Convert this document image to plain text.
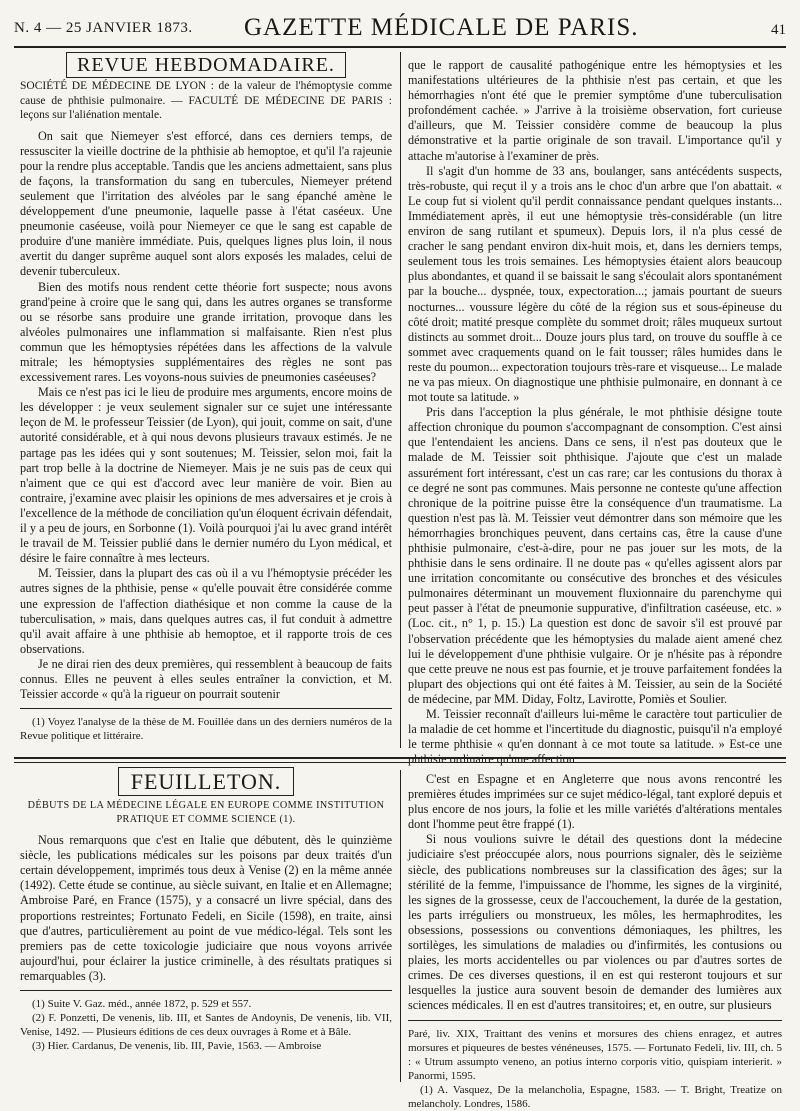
N. 4 — 25 JANVIER 1873. GAZETTE MÉDICALE DE PARIS.	41
REVUE HEBDOMADAIRE.
SOCIÉTÉ DE MÉDECINE DE LYON : de la valeur de l'hémoptysie comme cause de phthisie pulmonaire. — FACULTÉ DE MÉDECINE DE PARIS : leçons sur l'aliénation mentale.

On sait que Niemeyer s'est efforcé, dans ces derniers temps, de ressusciter la vieille doctrine de la phthisie ab hemoptoe, et qu'il l'a rajeunie pour la rendre plus acceptable. Tandis que les anciens admettaient, sans plus de façons, la transformation du sang en tubercules, Niemeyer prétend seulement que l'irritation des alvéoles par le sang épanché amène le développement d'une pneumonie, laquelle passe à l'état caséeux. Une pneumonie caséeuse, voilà pour Niemeyer ce que le sang est capable de produire d'une manière immédiate. Puis, quelques lignes plus loin, il nous avertit du danger suprême auquel sont alors exposés les malades, celui de devenir tuberculeux.

Bien des motifs nous rendent cette théorie fort suspecte; nous avons grand'peine à croire que le sang qui, dans les autres organes se transforme ou se résorbe sans produire une grande irritation, provoque dans les alvéoles pulmonaires une inflammation si malfaisante. Rien n'est plus commun que les hémoptysies répétées dans les affections de la valvule mitrale; les hémoptysies supplémentaires des règles ne sont pas excessivement rares. Les voyons-nous suivies de pneumonies caséeuses?

Mais ce n'est pas ici le lieu de produire mes arguments, encore moins de les développer : je veux seulement signaler sur ce sujet une intéressante leçon de M. le professeur Teissier (de Lyon), qui jouit, comme on sait, d'une autorité considérable, et à qui nous devons plusieurs travaux estimés. Je ne partage pas les idées qui y sont soutenues; M. Teissier, selon moi, fait la part trop belle à la doctrine de Niemeyer. Mais je ne suis pas de ceux qui n'aiment que ce qui est d'accord avec leur manière de voir. Bien au contraire, j'examine avec plaisir les opinions de mes adversaires et je crois à l'excellence de la méthode de conciliation qu'un éloquent écrivain défendait, il y a peu de jours, en Sorbonne (1). Voilà pourquoi j'ai lu avec grand intérêt le travail de M. Teissier publié dans le dernier numéro du Lyon médical, et désire le faire connaître à mes lecteurs.

M. Teissier, dans la plupart des cas où il a vu l'hémoptysie précéder les autres signes de la phthisie, pense « qu'elle pouvait être considérée comme une expression de l'affection diathésique et non comme la cause de la tuberculisation, » mais, dans quelques autres cas, il fut conduit à admettre qu'il avait affaire à une phthisie ab hemoptoe, et il rapporte trois de ces observations.

Je ne dirai rien des deux premières, qui ressemblent à beaucoup de faits connus. Elles ne peuvent à elles seules entraîner la conviction, et M. Teissier accorde « qu'à la rigueur on pourrait soutenir

(1) Voyez l'analyse de la thèse de M. Fouillée dans un des derniers numéros de la Revue politique et littéraire.

que le rapport de causalité pathogénique entre les hémoptysies et les manifestations ultérieures de la phthisie n'est pas certain, et que les hémorrhagies n'ont été que le premier symptôme d'une tuberculisation profondément cachée. » J'arrive à la troisième observation, fort curieuse d'ailleurs, que M. Teissier considère comme de beaucoup la plus démonstrative et la partie originale de son travail. L'importance qu'il y attache m'autorise à l'examiner de près.

Il s'agit d'un homme de 33 ans, boulanger, sans antécédents suspects, très-robuste, qui reçut il y a trois ans le choc d'un arbre que l'on abattait. « Le coup fut si violent qu'il perdit connaissance pendant quelques instants... Immédiatement après, il eut une hémoptysie très-considérable (un litre environ de sang rutilant et spumeux). Depuis lors, il n'a plus cessé de cracher le sang pendant environ dix-huit mois, et, dans les derniers temps, seulement tous les trois semaines. Les hémoptysies étaient alors beaucoup plus abondantes, et quand il se baissait le sang s'écoulait alors spontanément par la bouche... dyspnée, toux, expectoration...; jamais pourtant de sueurs nocturnes... voussure légère du côté de la région sus et sous-épineuse du côté droit; matité presque complète du sommet droit; râles muqueux surtout distincts au sommet droit... Douze jours plus tard, on trouve du souffle à ce sommet avec craquements quand on le fait tousser; râles humides dans le reste du poumon... expectoration toujours très-rare et visqueuse... Le malade ne va pas mieux. On diagnostique une phthisie pulmonaire, en donnant à ce mot toute sa latitude. »

Pris dans l'acception la plus générale, le mot phthisie désigne toute affection chronique du poumon s'accompagnant de consomption. C'est ainsi que l'entendaient les anciens. Dans ce sens, il n'est pas douteux que le malade de M. Teissier soit phthisique. J'ajoute que c'est un malade assurément fort intéressant, c'est un cas rare; car les contusions du thorax à ce degré ne sont pas communes. Mais personne ne conteste qu'une affection chronique de la poitrine puisse être la conséquence d'un traumatisme. La question n'est pas là. M. Teissier veut démontrer dans son mémoire que les hémorrhagies bronchiques peuvent, dans certains cas, être la cause d'une phthisie pulmonaire, c'est-à-dire, pour ne pas jouer sur les mots, de la phthisie dans le sens ordinaire. Il ne doute pas « qu'elles agissent alors par une irritation concomitante ou consécutive des bronches et des vésicules pulmonaires déterminant un mouvement fluxionnaire du parenchyme qui peut passer à l'état de pneumonie suppurative, d'infiltration caséeuse, etc. » (Loc. cit., n° 1, p. 15.) La question est donc de savoir s'il est prouvé par l'observation précédente que les hémoptysies du malade aient amené chez lui le développement d'une phthisie vulgaire. Or je n'hésite pas à répondre que cette preuve ne nous est pas fournie, et je trouve parfaitement fondées la plupart des objections qui ont été faites à M. Teissier, au sein de la Société de médecine, par MM. Diday, Foltz, Lavirotte, Pomiès et Soulier.

M. Teissier reconnaît d'ailleurs lui-même le caractère tout particulier de la maladie de cet homme et l'incertitude du diagnostic, puisqu'il n'a employé le terme phthisie « qu'en donnant à ce mot toute sa latitude. » Est-ce une phthisie ordinaire qu'une affection

FEUILLETON.
DÉBUTS DE LA MÉDECINE LÉGALE EN EUROPE COMME INSTITUTION PRATIQUE ET COMME SCIENCE (1).

Nous remarquons que c'est en Italie que débutent, dès le quinzième siècle, les publications médicales sur les poisons par deux traités d'un certain développement, imprimés tous deux à Venise (2) en la même année (1492). Cette étude se continue, au siècle suivant, en Italie et en Allemagne; Ambroise Paré, en France (1575), y a consacré un livre spécial, dans des proportions restreintes; Fortunato Fedeli, en Sicile (1598), en traite, ainsi que d'autres, particulièrement au point de vue médico-légal. Tels sont les premiers pas de cette toxicologie judiciaire que nous voyons arrivée aujourd'hui, pour éclairer la justice criminelle, à des résultats pratiques si remarquables (3).

(1) Suite V. Gaz. méd., année 1872, p. 529 et 557.

(2) F. Ponzetti, De venenis, lib. III, et Santes de Andoynis, De venenis, lib. VII, Venise, 1492. — Plusieurs éditions de ces deux ouvrages à Rome et à Bâle.

(3) Hier. Cardanus, De venenis, lib. III, Pavie, 1563. — Ambroise

C'est en Espagne et en Angleterre que nous avons rencontré les premières études imprimées sur ce sujet médico-légal, tant exploré depuis et plus encore de nos jours, la folie et les mille variétés d'altérations mentales dont l'homme peut être frappé (1).

Si nous voulions suivre le détail des questions dont la médecine judiciaire s'est préoccupée alors, nous pourrions signaler, dès le seizième siècle, des publications nombreuses sur la classification des âges; sur la stérilité de la femme, l'impuissance de l'homme, les signes de la virginité, les signes de la grossesse, ceux de l'accouchement, la durée de la gestation, les parts irréguliers ou monstrueux, les môles, les hermaphrodites, les obsessions, possessions ou conventions démoniaques, les philtres, les sortilèges, les simulations de maladies ou d'infirmités, les contusions ou plaies, les morts accidentelles ou par violences ou par d'autres sortes de crimes. De ces diverses questions, il en est qui resteront toujours et sur lesquelles la justice aura souvent besoin de demander des lumières aux sciences médicales. Il en est d'autres transitoires; et, en outre, sur plusieurs

Paré, liv. XIX, Traittant des venins et morsures des chiens enragez, et autres morsures et piqueures de bestes vénéneuses, 1575. — Fortunato Fedeli, liv. III, ch. 5 : « Utrum assumpto veneno, an potius interno corporis vitio, quispiam interierit. » Panormi, 1595.

(1) A. Vasquez, De la melancholia, Espagne, 1583. — T. Bright, Treatize on melancholy. Londres, 1586.
